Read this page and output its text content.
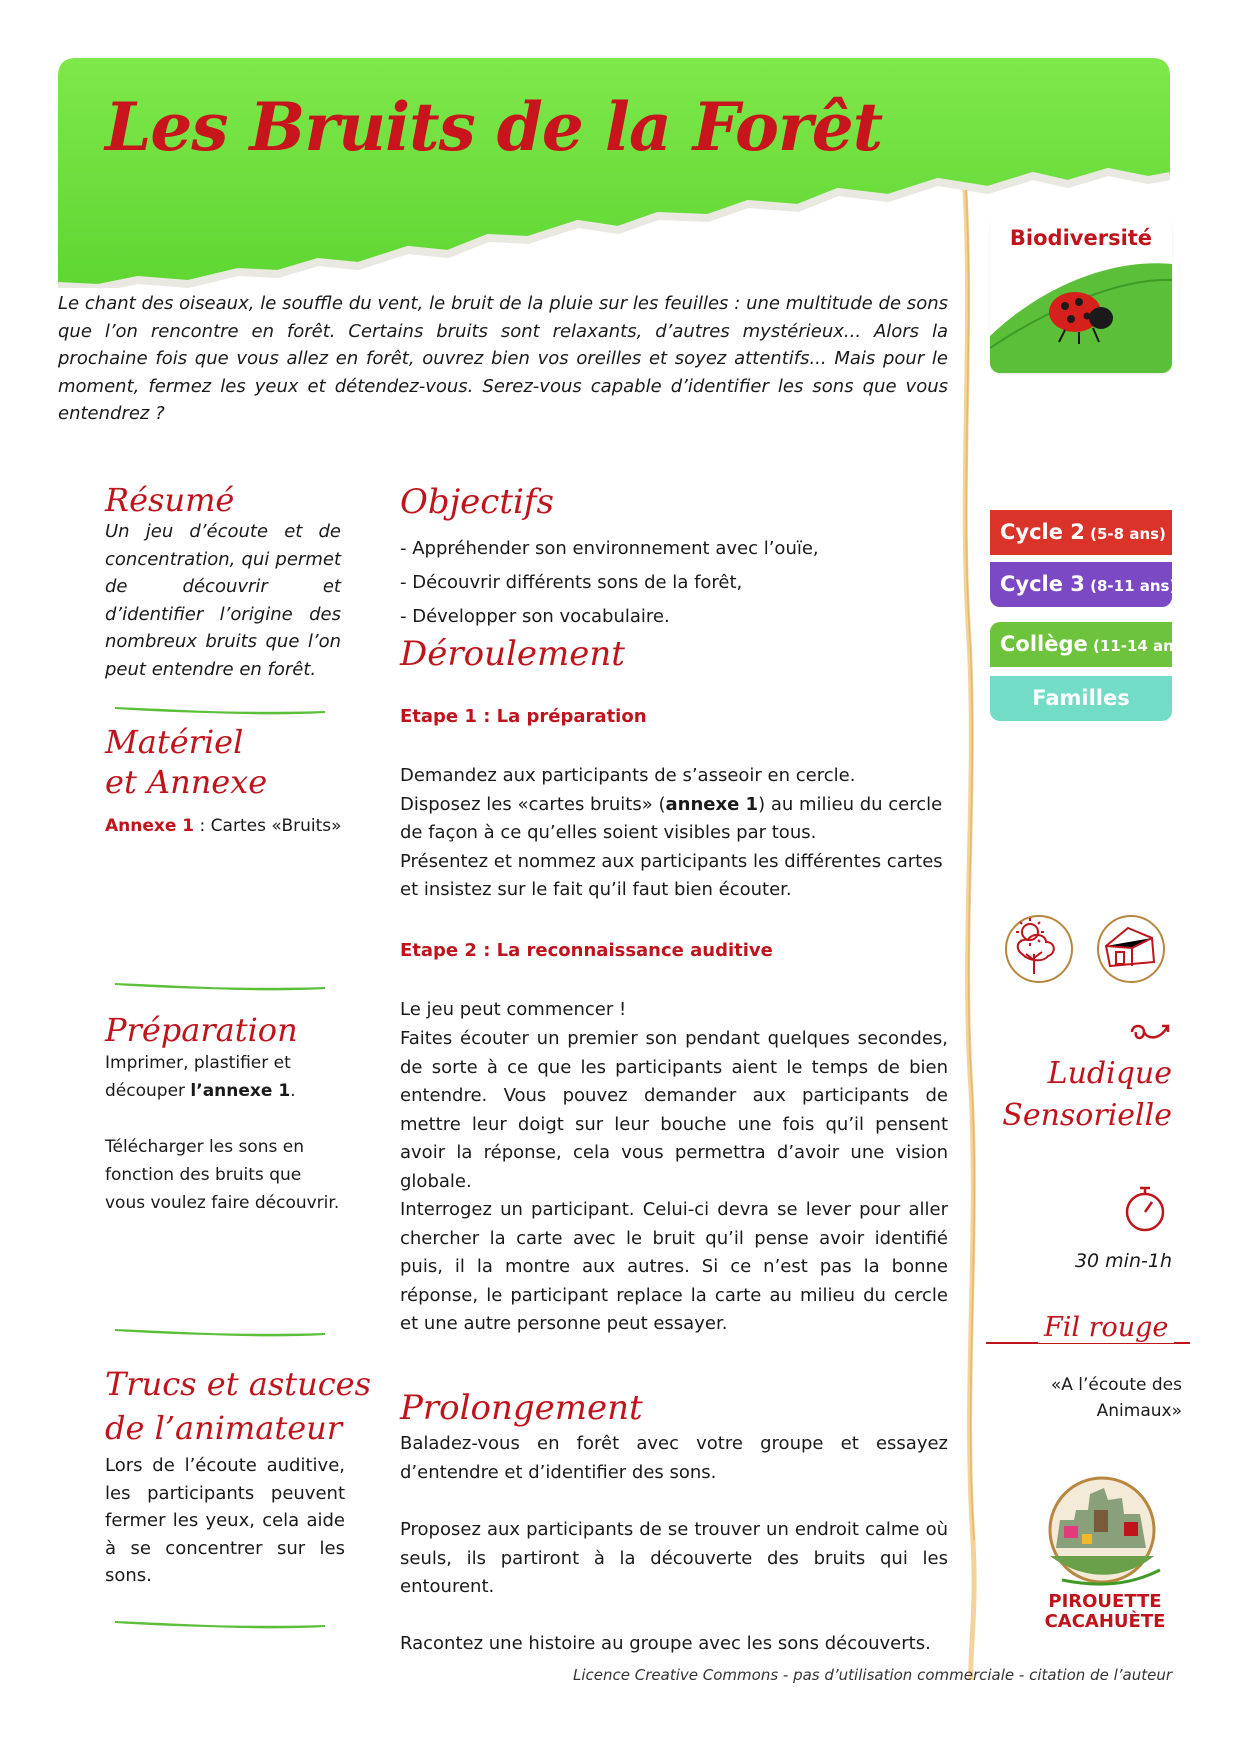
Les Bruits de la Forêt
Le chant des oiseaux, le souffle du vent, le bruit de la pluie sur les feuilles : une multitude de sons que l’on rencontre en forêt. Certains bruits sont relaxants, d’autres mystérieux... Alors la prochaine fois que vous allez en forêt, ouvrez bien vos oreilles et soyez attentifs... Mais pour le moment, fermez les yeux et détendez-vous. Serez-vous capable d’identifier les sons que vous entendrez ?
Biodiversité
Résumé
Un jeu d’écoute et de concentration, qui permet de découvrir et d’identifier l’origine des nombreux bruits que l’on peut entendre en forêt.
Matériel
et Annexe
Annexe 1 : Cartes «Bruits»
Préparation
Imprimer, plastifier et
découper l’annexe 1.
Télécharger les sons en
fonction des bruits que
vous voulez faire découvrir.
Trucs et astuces
de l’animateur
Lors de l’écoute auditive, les participants peuvent fermer les yeux, cela aide à se concentrer sur les sons.
Objectifs
- Appréhender son environnement avec l’ouïe,
- Découvrir différents sons de la forêt,
- Développer son vocabulaire.
Déroulement
Etape 1 : La préparation
Demandez aux participants de s’asseoir en cercle.
Disposez les «cartes bruits» (annexe 1) au milieu du cercle
de façon à ce qu’elles soient visibles par tous.
Présentez et nommez aux participants les différentes cartes
et insistez sur le fait qu’il faut bien écouter.
Etape 2 : La reconnaissance auditive
Le jeu peut commencer !
Faites écouter un premier son pendant quelques secondes, de sorte à ce que les participants aient le temps de bien entendre. Vous pouvez demander aux participants de mettre leur doigt sur leur bouche une fois qu’il pensent avoir la réponse, cela vous permettra d’avoir une vision globale.
Interrogez un participant. Celui-ci devra se lever pour aller chercher la carte avec le bruit qu’il pense avoir identifié puis, il la montre aux autres. Si ce n’est pas la bonne réponse, le participant replace la carte au milieu du cercle et une autre personne peut essayer.
Prolongement
Baladez-vous en forêt avec votre groupe et essayez d’entendre et d’identifier des sons.
Proposez aux participants de se trouver un endroit calme où seuls, ils partiront à la découverte des bruits qui les entourent.
Racontez une histoire au groupe avec les sons découverts.
Cycle 2 (5-8 ans)
Cycle 3 (8-11 ans)
Collège (11-14 ans)
Familles
Ludique
Sensorielle
30 min-1h
Fil rouge
«A l’écoute des
Animaux»
PIROUETTE
CACAHUÈTE
Licence Creative Commons - pas d’utilisation commerciale - citation de l’auteur
